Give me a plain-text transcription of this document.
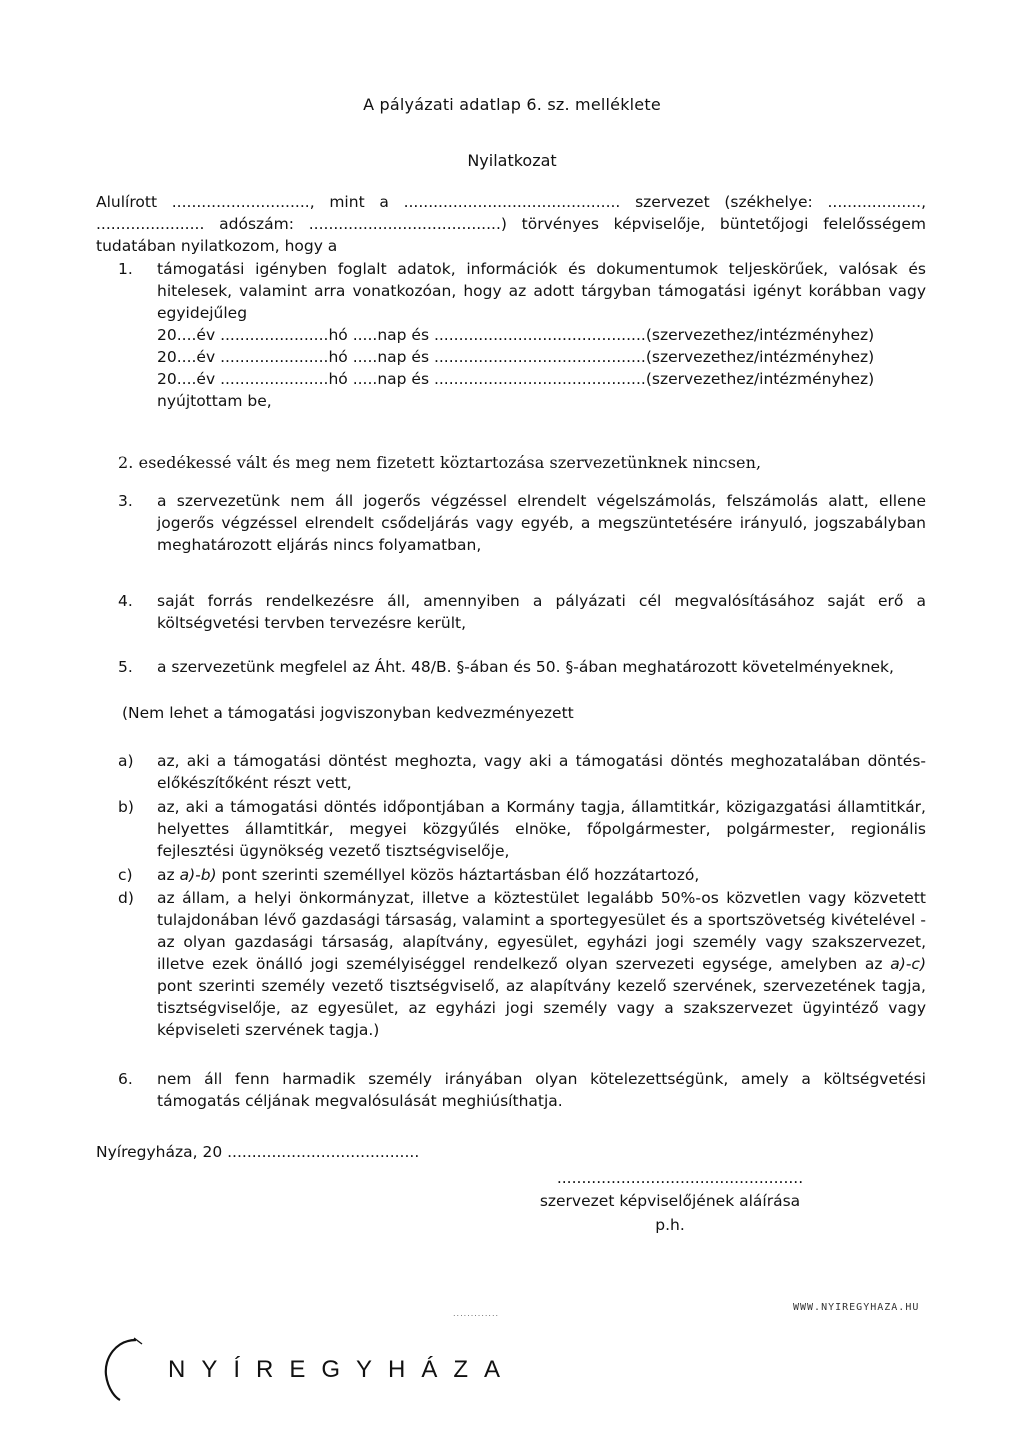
A pályázati adatlap 6. sz. melléklete
Nyilatkozat
Alulírott ............................, mint a ............................................ szervezet (székhelye: ..................., ...................... adószám: .......................................) törvényes képviselője, büntetőjogi felelősségem tudatában nyilatkozom, hogy a
1. támogatási igényben foglalt adatok, információk és dokumentumok teljeskörűek, valósak és hitelesek, valamint arra vonatkozóan, hogy az adott tárgyban támogatási igényt korábban vagy egyidejűleg
20....év ......................hó .....nap és ...........................................(szervezethez/intézményhez)
20....év ......................hó .....nap és ...........................................(szervezethez/intézményhez)
20....év ......................hó .....nap és ...........................................(szervezethez/intézményhez)
nyújtottam be,
2. esedékessé vált és meg nem fizetett köztartozása szervezetünknek nincsen,
3. a szervezetünk nem áll jogerős végzéssel elrendelt végelszámolás, felszámolás alatt, ellene jogerős végzéssel elrendelt csődeljárás vagy egyéb, a megszüntetésére irányuló, jogszabályban meghatározott eljárás nincs folyamatban,
4. saját forrás rendelkezésre áll, amennyiben a pályázati cél megvalósításához saját erő a költségvetési tervben tervezésre került,
5. a szervezetünk megfelel az Áht. 48/B. §-ában és 50. §-ában meghatározott követelményeknek,
(Nem lehet a támogatási jogviszonyban kedvezményezett
a) az, aki a támogatási döntést meghozta, vagy aki a támogatási döntés meghozatalában döntés-előkészítőként részt vett,
b) az, aki a támogatási döntés időpontjában a Kormány tagja, államtitkár, közigazgatási államtitkár, helyettes államtitkár, megyei közgyűlés elnöke, főpolgármester, polgármester, regionális fejlesztési ügynökség vezető tisztségviselője,
c) az a)-b) pont szerinti személlyel közös háztartásban élő hozzátartozó,
d) az állam, a helyi önkormányzat, illetve a köztestület legalább 50%-os közvetlen vagy közvetett tulajdonában lévő gazdasági társaság, valamint a sportegyesület és a sportszövetség kivételével - az olyan gazdasági társaság, alapítvány, egyesület, egyházi jogi személy vagy szakszervezet, illetve ezek önálló jogi személyiséggel rendelkező olyan szervezeti egysége, amelyben az a)-c) pont szerinti személy vezető tisztségviselő, az alapítvány kezelő szervének, szervezetének tagja, tisztségviselője, az egyesület, az egyházi jogi személy vagy a szakszervezet ügyintéző vagy képviseleti szervének tagja.)
6. nem áll fenn harmadik személy irányában olyan kötelezettségünk, amely a költségvetési támogatás céljának megvalósulását meghiúsíthatja.
Nyíregyháza, 20 .......................................
..................................................
szervezet képviselőjének aláírása
p.h.
.............
WWW.NYIREGYHAZA.HU
NYÍREGYHÁZA
